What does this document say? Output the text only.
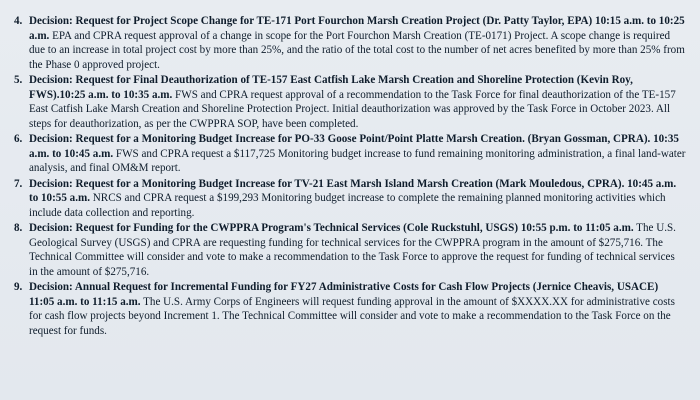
4. Decision: Request for Project Scope Change for TE-171 Port Fourchon Marsh Creation Project (Dr. Patty Taylor, EPA) 10:15 a.m. to 10:25 a.m. EPA and CPRA request approval of a change in scope for the Port Fourchon Marsh Creation (TE-0171) Project. A scope change is required due to an increase in total project cost by more than 25%, and the ratio of the total cost to the number of net acres benefited by more than 25% from the Phase 0 approved project.
5. Decision: Request for Final Deauthorization of TE-157 East Catfish Lake Marsh Creation and Shoreline Protection (Kevin Roy, FWS).10:25 a.m. to 10:35 a.m. FWS and CPRA request approval of a recommendation to the Task Force for final deauthorization of the TE-157 East Catfish Lake Marsh Creation and Shoreline Protection Project. Initial deauthorization was approved by the Task Force in October 2023. All steps for deauthorization, as per the CWPPRA SOP, have been completed.
6. Decision: Request for a Monitoring Budget Increase for PO-33 Goose Point/Point Platte Marsh Creation. (Bryan Gossman, CPRA). 10:35 a.m. to 10:45 a.m. FWS and CPRA request a $117,725 Monitoring budget increase to fund remaining monitoring administration, a final land-water analysis, and final OM&M report.
7. Decision: Request for a Monitoring Budget Increase for TV-21 East Marsh Island Marsh Creation (Mark Mouledous, CPRA). 10:45 a.m. to 10:55 a.m. NRCS and CPRA request a $199,293 Monitoring budget increase to complete the remaining planned monitoring activities which include data collection and reporting.
8. Decision: Request for Funding for the CWPPRA Program's Technical Services (Cole Ruckstuhl, USGS) 10:55 p.m. to 11:05 a.m. The U.S. Geological Survey (USGS) and CPRA are requesting funding for technical services for the CWPPRA program in the amount of $275,716. The Technical Committee will consider and vote to make a recommendation to the Task Force to approve the request for funding of technical services in the amount of $275,716.
9. Decision: Annual Request for Incremental Funding for FY27 Administrative Costs for Cash Flow Projects (Jernice Cheavis, USACE) 11:05 a.m. to 11:15 a.m. The U.S. Army Corps of Engineers will request funding approval in the amount of $XXXX.XX for administrative costs for cash flow projects beyond Increment 1. The Technical Committee will consider and vote to make a recommendation to the Task Force on the request for funds.
